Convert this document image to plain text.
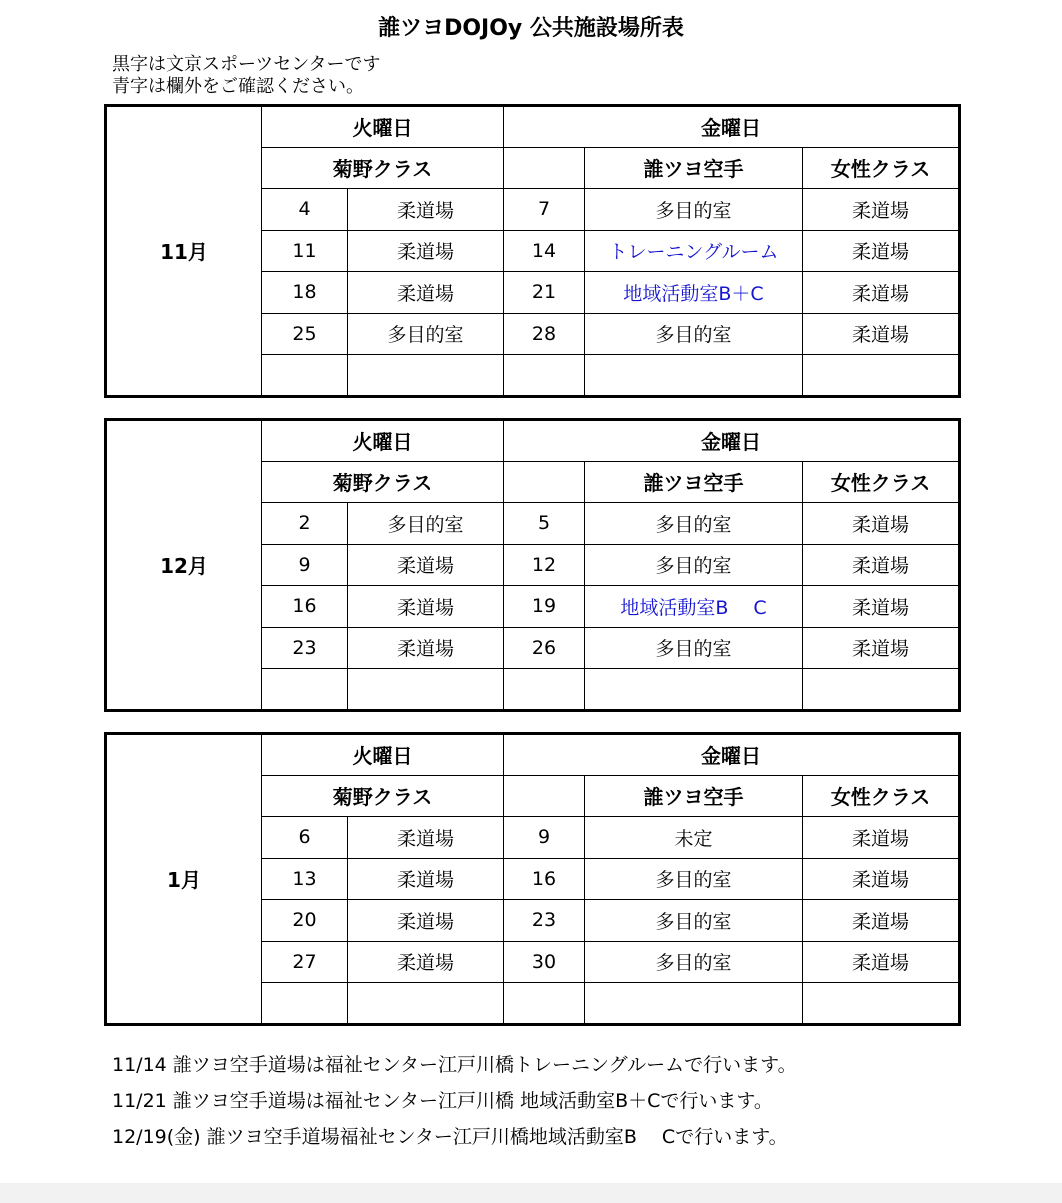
誰ツヨDOJOy 公共施設場所表
黒字は文京スポーツセンターです
青字は欄外をご確認ください。
11月	火曜日		金曜日		
	菊野クラス			誰ツヨ空手	女性クラス
	4	柔道場	7	多目的室	柔道場
	11	柔道場	14	トレーニングルーム	柔道場
	18	柔道場	21	地域活動室B＋C	柔道場
	25	多目的室	28	多目的室	柔道場

12月	火曜日		金曜日		
	菊野クラス			誰ツヨ空手	女性クラス
	2	多目的室	5	多目的室	柔道場
	9	柔道場	12	多目的室	柔道場
	16	柔道場	19	地域活動室B　 C	柔道場
	23	柔道場	26	多目的室	柔道場

1月	火曜日		金曜日		
	菊野クラス			誰ツヨ空手	女性クラス
	6	柔道場	9	未定	柔道場
	13	柔道場	16	多目的室	柔道場
	20	柔道場	23	多目的室	柔道場
	27	柔道場	30	多目的室	柔道場

11/14 誰ツヨ空手道場は福祉センター江戸川橋トレーニングルームで行います。
11/21 誰ツヨ空手道場は福祉センター江戸川橋 地域活動室B＋Cで行います。
12/19(金) 誰ツヨ空手道場福祉センター江戸川橋地域活動室B　 Cで行います。
